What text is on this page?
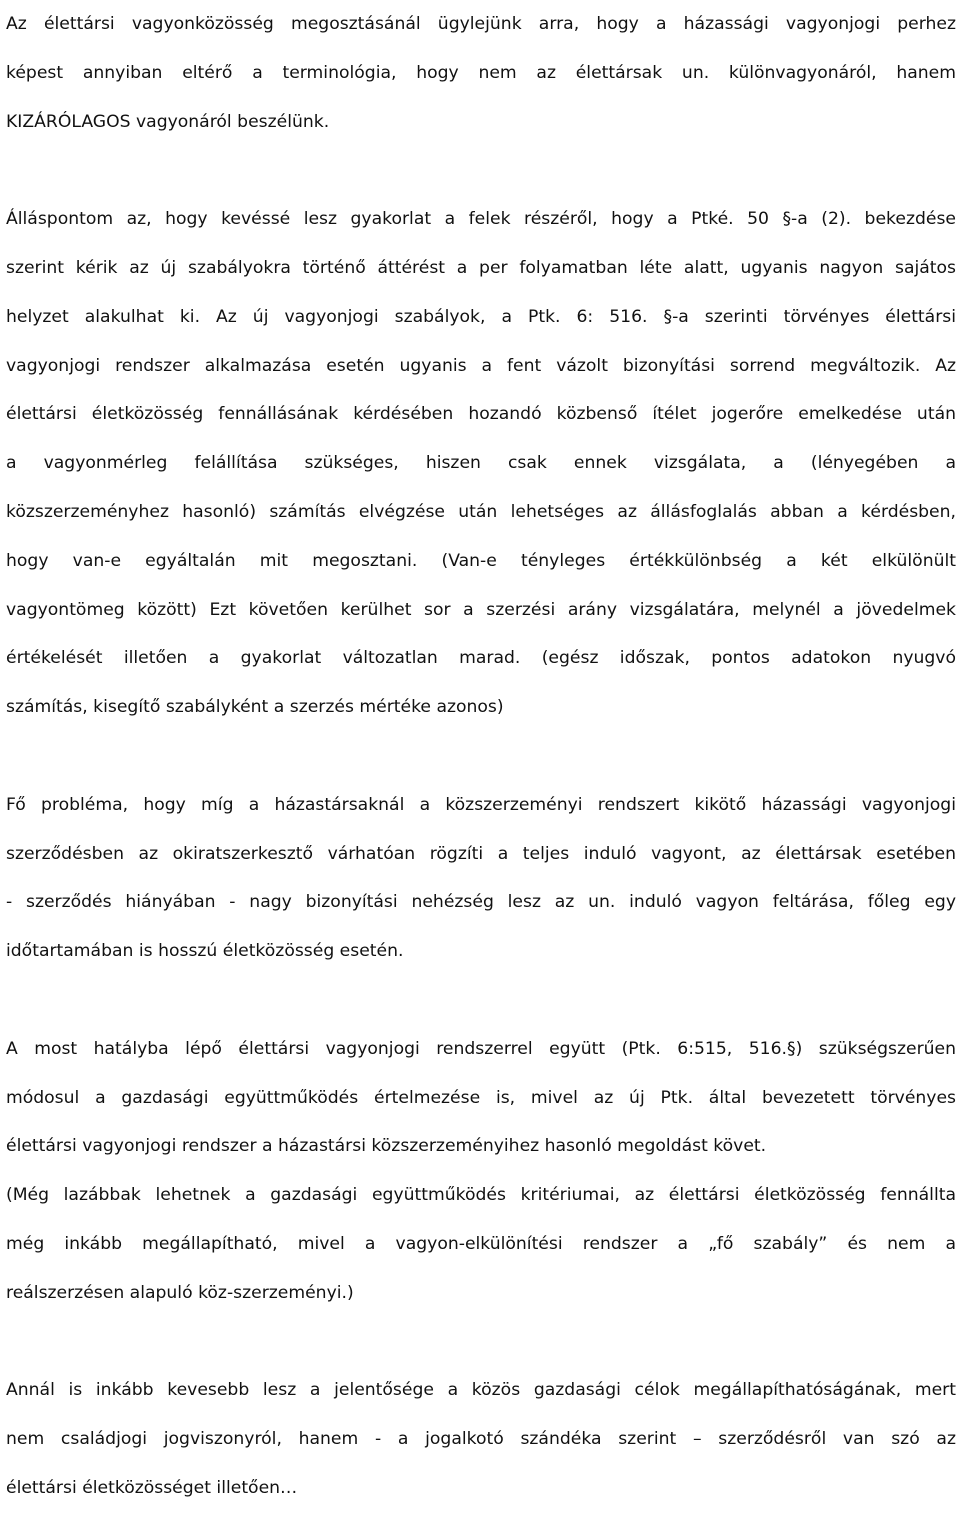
Az élettársi vagyonközösség megosztásánál ügylejünk arra, hogy a házassági vagyonjogi perhez
képest annyiban eltérő a terminológia, hogy nem az élettársak un. különvagyonáról, hanem
KIZÁRÓLAGOS vagyonáról beszélünk.

Álláspontom az, hogy kevéssé lesz gyakorlat a felek részéről, hogy a Ptké. 50 §-a (2). bekezdése
szerint kérik az új szabályokra történő áttérést a per folyamatban léte alatt, ugyanis nagyon sajátos
helyzet alakulhat ki. Az új vagyonjogi szabályok, a Ptk. 6: 516. §-a szerinti törvényes élettársi
vagyonjogi rendszer alkalmazása esetén ugyanis a fent vázolt bizonyítási sorrend megváltozik. Az
élettársi életközösség fennállásának kérdésében hozandó közbenső ítélet jogerőre emelkedése után
a vagyonmérleg felállítása szükséges, hiszen csak ennek vizsgálata, a (lényegében a
közszerzeményhez hasonló) számítás elvégzése után lehetséges az állásfoglalás abban a kérdésben,
hogy van-e egyáltalán mit megosztani. (Van-e tényleges értékkülönbség a két elkülönült
vagyontömeg között) Ezt követően kerülhet sor a szerzési arány vizsgálatára, melynél a jövedelmek
értékelését illetően a gyakorlat változatlan marad. (egész időszak, pontos adatokon nyugvó
számítás, kisegítő szabályként a szerzés mértéke azonos)

Fő probléma, hogy míg a házastársaknál a közszerzeményi rendszert kikötő házassági vagyonjogi
szerződésben az okiratszerkesztő várhatóan rögzíti a teljes induló vagyont, az élettársak esetében
- szerződés hiányában - nagy bizonyítási nehézség lesz az un. induló vagyon feltárása, főleg egy
időtartamában is hosszú életközösség esetén.

A most hatályba lépő élettársi vagyonjogi rendszerrel együtt (Ptk. 6:515, 516.§) szükségszerűen
módosul a gazdasági együttműködés értelmezése is, mivel az új Ptk. által bevezetett törvényes
élettársi vagyonjogi rendszer a házastársi közszerzeményihez hasonló megoldást követ.
(Még lazábbak lehetnek a gazdasági együttműködés kritériumai, az élettársi életközösség fennállta
még inkább megállapítható, mivel a vagyon-elkülönítési rendszer a „fő szabály” és nem a
reálszerzésen alapuló köz-szerzeményi.)

Annál is inkább kevesebb lesz a jelentősége a közös gazdasági célok megállapíthatóságának, mert
nem családjogi jogviszonyról, hanem - a jogalkotó szándéka szerint – szerződésről van szó az
élettársi életközösséget illetően…
